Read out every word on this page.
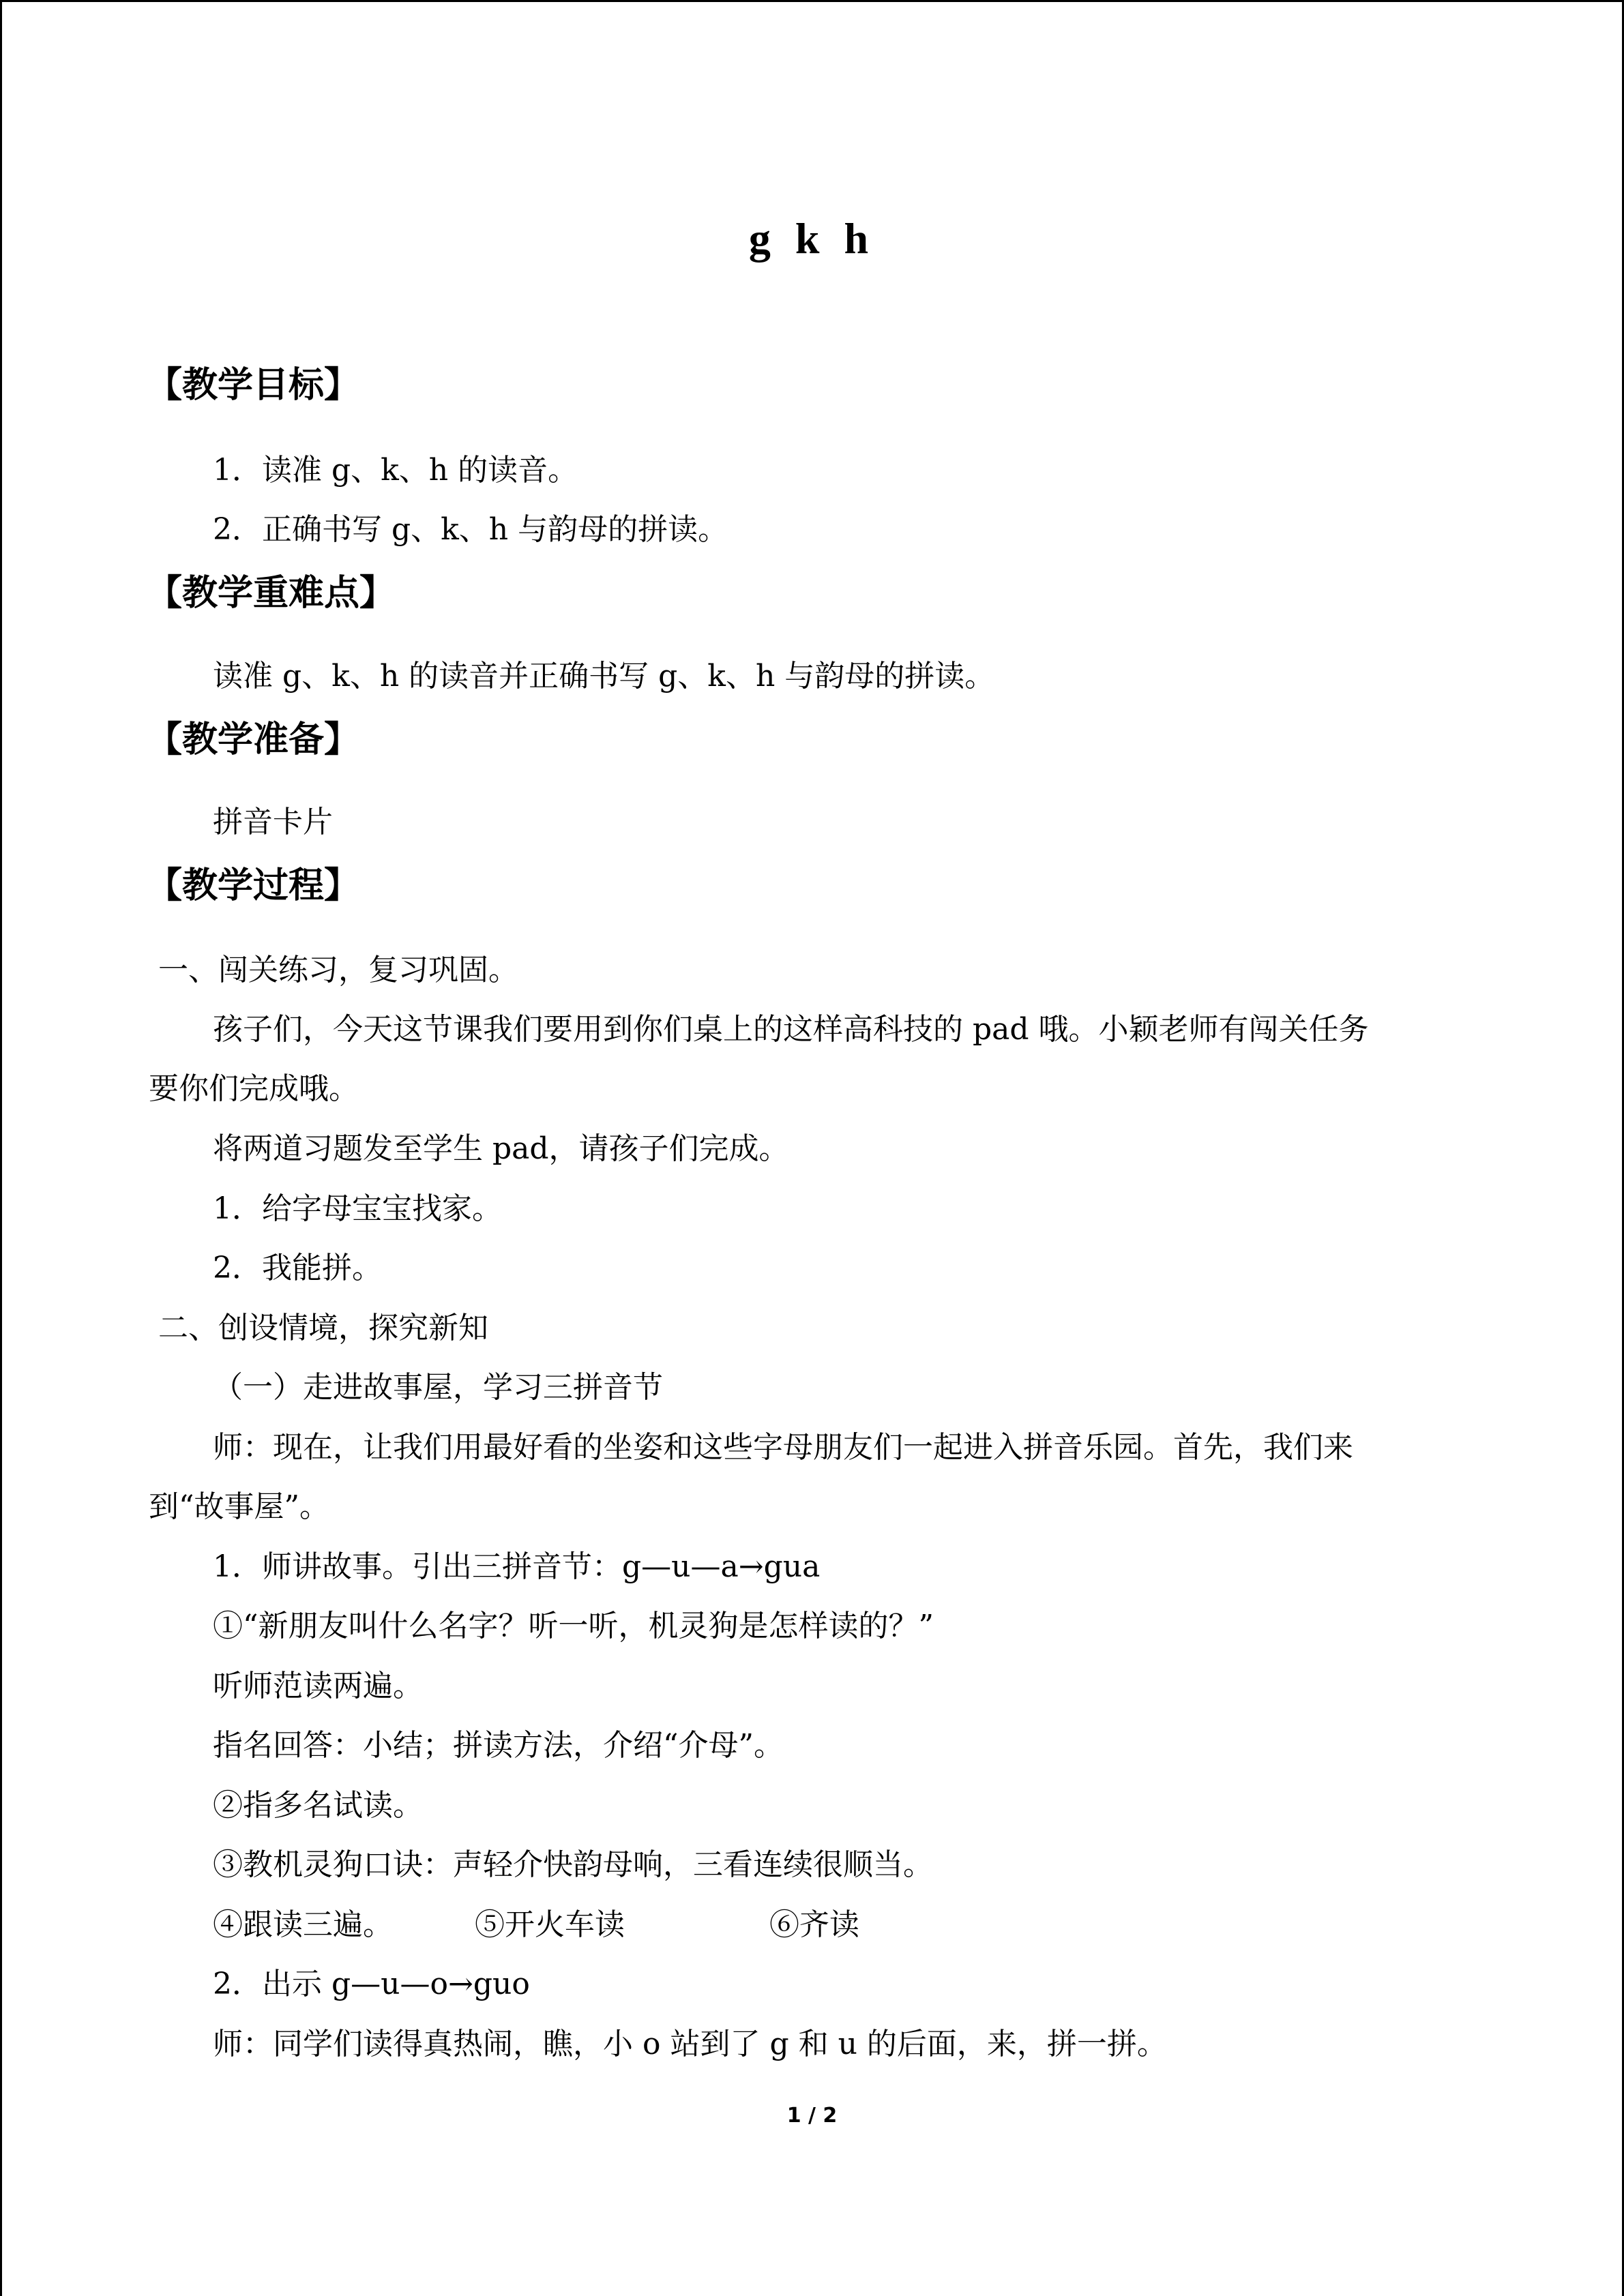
g k h
【教学目标】
1．读准 g、k、h 的读音。
2．正确书写 g、k、h 与韵母的拼读。
【教学重难点】
读准 g、k、h 的读音并正确书写 g、k、h 与韵母的拼读。
【教学准备】
拼音卡片
【教学过程】
一、闯关练习，复习巩固。
孩子们，今天这节课我们要用到你们桌上的这样高科技的 pad 哦。小颖老师有闯关任务
要你们完成哦。
将两道习题发至学生 pad，请孩子们完成。
1．给字母宝宝找家。
2．我能拼。
二、创设情境，探究新知
（一）走进故事屋，学习三拼音节
师：现在，让我们用最好看的坐姿和这些字母朋友们一起进入拼音乐园。首先，我们来
到“故事屋”。
1．师讲故事。引出三拼音节：g—u—a→gua
①“新朋友叫什么名字？听一听，机灵狗是怎样读的？”
听师范读两遍。
指名回答：小结；拼读方法，介绍“介母”。
②指多名试读。
③教机灵狗口诀：声轻介快韵母响，三看连续很顺当。
④跟读三遍。	⑤开火车读	⑥齐读
2．出示 g—u—o→guo
师：同学们读得真热闹，瞧，小 o 站到了 g 和 u 的后面，来，拼一拼。
1 / 2
